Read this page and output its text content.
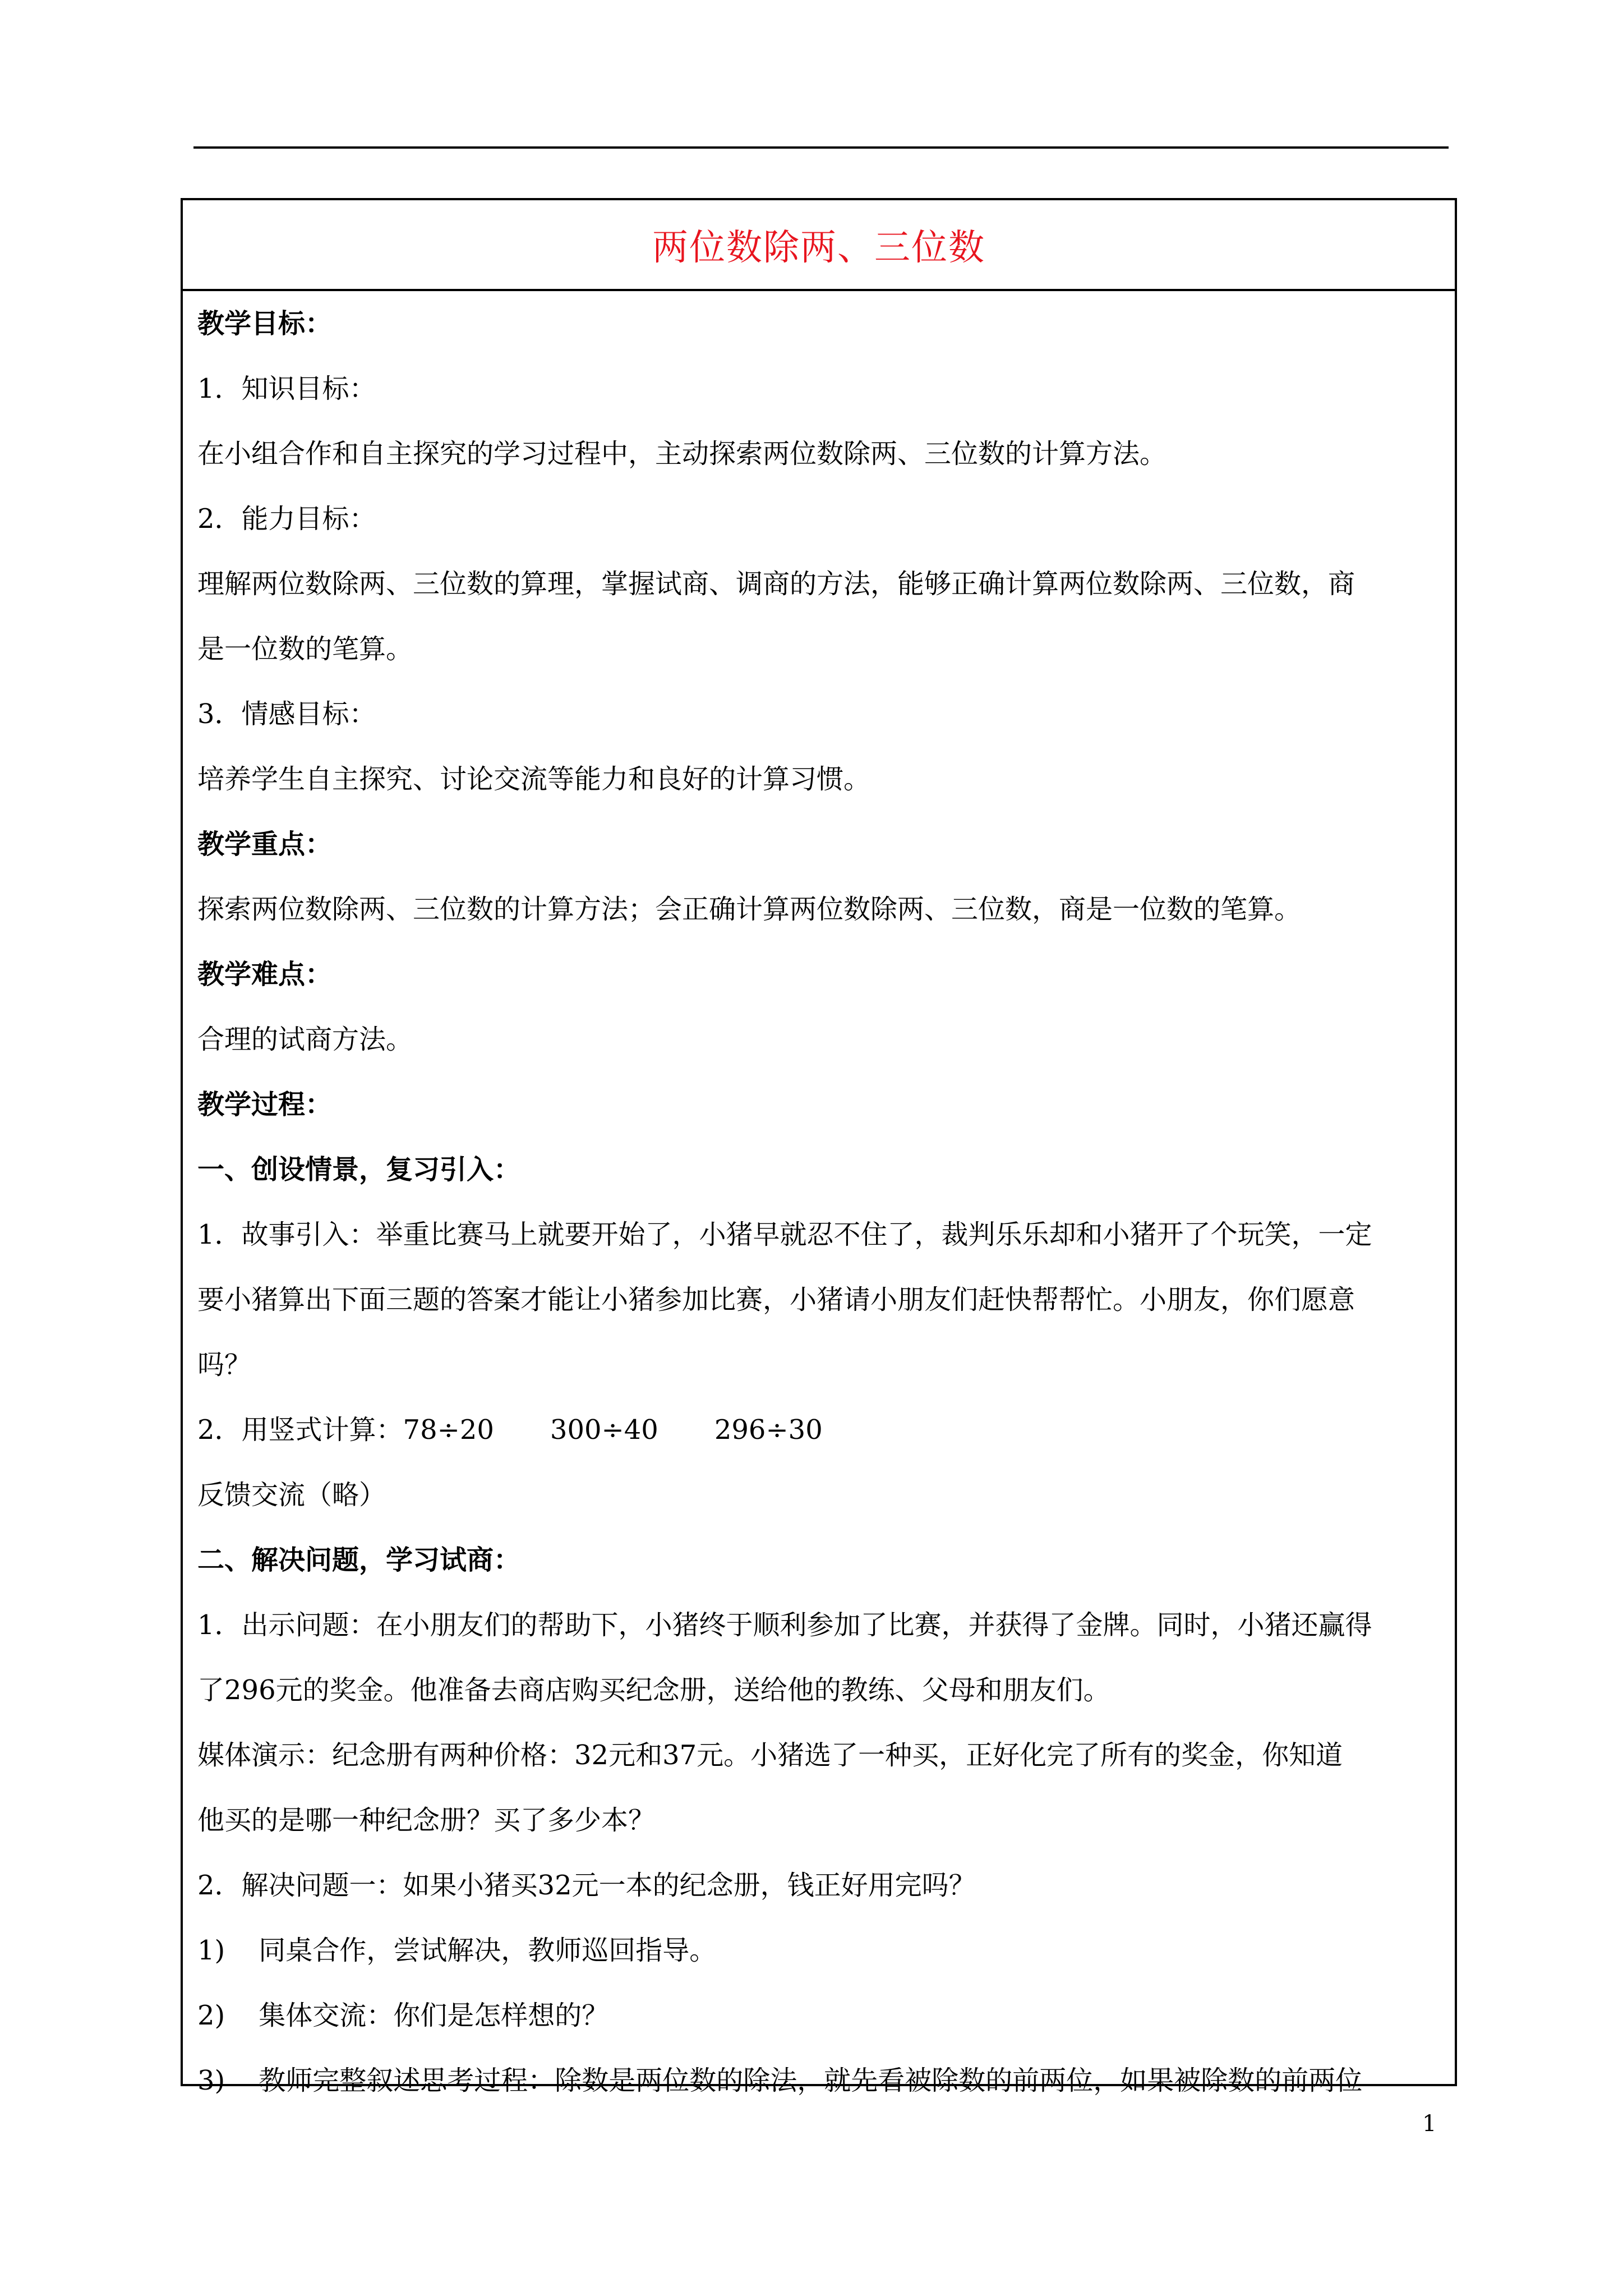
两位数除两、三位数
教学目标：
1．知识目标：
在小组合作和自主探究的学习过程中，主动探索两位数除两、三位数的计算方法。
2．能力目标：
理解两位数除两、三位数的算理，掌握试商、调商的方法，能够正确计算两位数除两、三位数，商
是一位数的笔算。
3．情感目标：
培养学生自主探究、讨论交流等能力和良好的计算习惯。
教学重点：
探索两位数除两、三位数的计算方法；会正确计算两位数除两、三位数，商是一位数的笔算。
教学难点：
合理的试商方法。
教学过程：
一、创设情景，复习引入：
1．故事引入：举重比赛马上就要开始了，小猪早就忍不住了，裁判乐乐却和小猪开了个玩笑，一定
要小猪算出下面三题的答案才能让小猪参加比赛，小猪请小朋友们赶快帮帮忙。小朋友，你们愿意
吗？
2．用竖式计算：78÷20 300÷40 296÷30
反馈交流（略）
二、解决问题，学习试商：
1．出示问题：在小朋友们的帮助下，小猪终于顺利参加了比赛，并获得了金牌。同时，小猪还赢得
了296元的奖金。他准备去商店购买纪念册，送给他的教练、父母和朋友们。
媒体演示：纪念册有两种价格：32元和37元。小猪选了一种买，正好化完了所有的奖金，你知道
他买的是哪一种纪念册？买了多少本？
2．解决问题一：如果小猪买32元一本的纪念册，钱正好用完吗？
1) 同桌合作，尝试解决，教师巡回指导。
2) 集体交流：你们是怎样想的？
3) 教师完整叙述思考过程：除数是两位数的除法，就先看被除数的前两位，如果被除数的前两位
1
